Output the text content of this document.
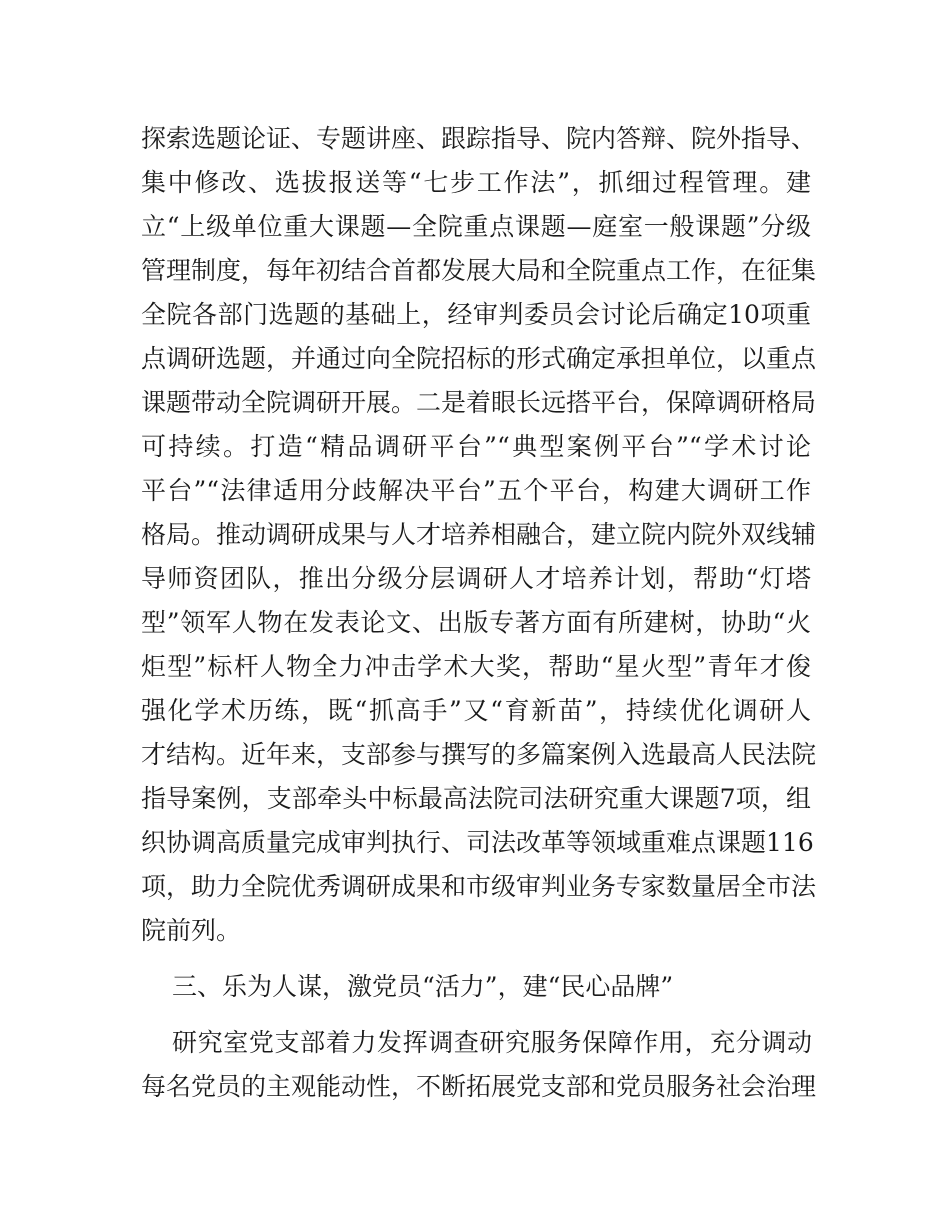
探索选题论证、专题讲座、跟踪指导、院内答辩、院外指导、
集中修改、选拔报送等“七步工作法”，抓细过程管理。建
立“上级单位重大课题—全院重点课题—庭室一般课题”分级
管理制度，每年初结合首都发展大局和全院重点工作，在征集
全院各部门选题的基础上，经审判委员会讨论后确定10项重
点调研选题，并通过向全院招标的形式确定承担单位，以重点
课题带动全院调研开展。二是着眼长远搭平台，保障调研格局
可持续。打造“精品调研平台”“典型案例平台”“学术讨论
平台”“法律适用分歧解决平台”五个平台，构建大调研工作
格局。推动调研成果与人才培养相融合，建立院内院外双线辅
导师资团队，推出分级分层调研人才培养计划，帮助“灯塔
型”领军人物在发表论文、出版专著方面有所建树，协助“火
炬型”标杆人物全力冲击学术大奖，帮助“星火型”青年才俊
强化学术历练，既“抓高手”又“育新苗”，持续优化调研人
才结构。近年来，支部参与撰写的多篇案例入选最高人民法院
指导案例，支部牵头中标最高法院司法研究重大课题7项，组
织协调高质量完成审判执行、司法改革等领域重难点课题116
项，助力全院优秀调研成果和市级审判业务专家数量居全市法
院前列。
三、乐为人谋，激党员“活力”，建“民心品牌”
研究室党支部着力发挥调查研究服务保障作用，充分调动
每名党员的主观能动性，不断拓展党支部和党员服务社会治理
